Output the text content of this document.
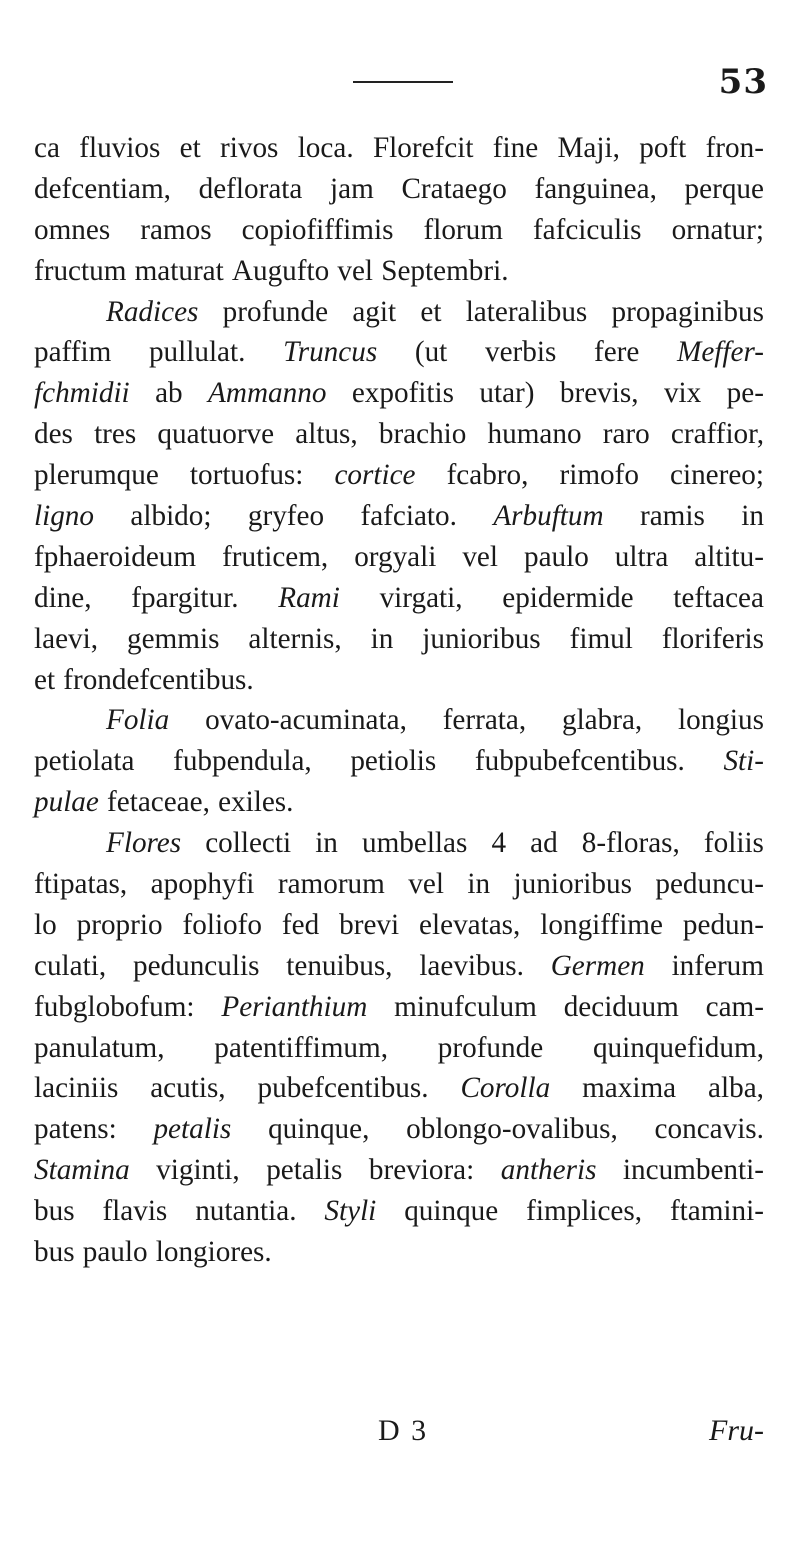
53
ca fluvios et rivos loca. Florefcit fine Maji, poft fron-
defcentiam, deflorata jam Crataego fanguinea, perque
omnes ramos copiofiffimis florum fafciculis ornatur;
fructum maturat Augufto vel Septembri.
Radices profunde agit et lateralibus propaginibus
paffim pullulat. Truncus (ut verbis fere Meffer-
fchmidii ab Ammanno expofitis utar) brevis, vix pe-
des tres quatuorve altus, brachio humano raro craffior,
plerumque tortuofus: cortice fcabro, rimofo cinereo;
ligno albido; gryfeo fafciato. Arbuftum ramis in
fphaeroideum fruticem, orgyali vel paulo ultra altitu-
dine, fpargitur. Rami virgati, epidermide teftacea
laevi, gemmis alternis, in junioribus fimul floriferis
et frondefcentibus.
Folia ovato-acuminata, ferrata, glabra, longius
petiolata fubpendula, petiolis fubpubefcentibus. Sti-
pulae fetaceae, exiles.
Flores collecti in umbellas 4 ad 8-floras, foliis
ftipatas, apophyfi ramorum vel in junioribus peduncu-
lo proprio foliofo fed brevi elevatas, longiffime pedun-
culati, pedunculis tenuibus, laevibus. Germen inferum
fubglobofum: Perianthium minufculum deciduum cam-
panulatum, patentiffimum, profunde quinquefidum,
laciniis acutis, pubefcentibus. Corolla maxima alba,
patens: petalis quinque, oblongo-ovalibus, concavis.
Stamina viginti, petalis breviora: antheris incumbenti-
bus flavis nutantia. Styli quinque fimplices, ftamini-
bus paulo longiores.
D 3	Fru-
